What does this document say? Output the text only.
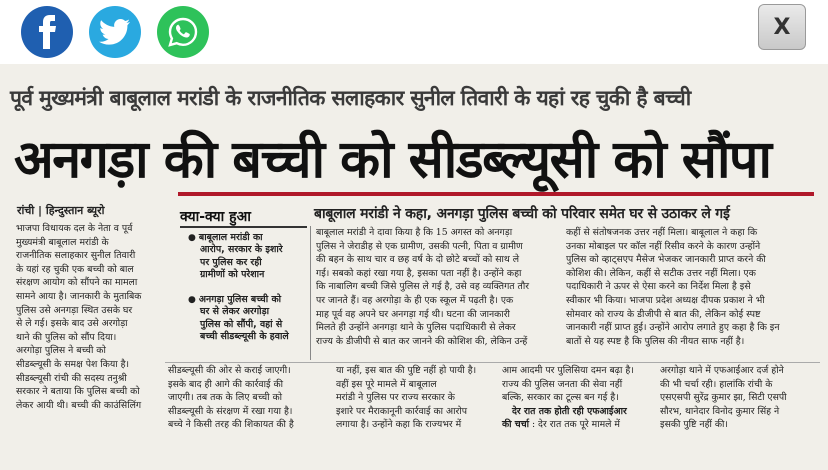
X
पूर्व मुख्यमंत्री बाबूलाल मरांडी के राजनीतिक सलाहकार सुनील तिवारी के यहां रह चुकी है बच्ची
अनगड़ा की बच्ची को सीडब्ल्यूसी को सौंपा
रांची | हिन्दुस्तान ब्यूरो	क्या-क्या हुआ
● बाबूलाल मरांडी का
आरोप, सरकार के इशारे
पर पुलिस कर रही
ग्रामीणों को परेशान
● अनगड़ा पुलिस बच्ची को
घर से लेकर अरगोड़ा
पुलिस को सौंपी, वहां से
बच्ची सीडब्ल्यूसी के हवाले
बाबूलाल मरांडी ने कहा, अनगड़ा पुलिस बच्ची को परिवार समेत घर से उठाकर ले गई
भाजपा विधायक दल के नेता व पूर्व
मुख्यमंत्री बाबूलाल मरांडी के
राजनीतिक सलाहकार सुनील तिवारी
के यहां रह चुकी एक बच्ची को बाल
संरक्षण आयोग को सौंपने का मामला
सामने आया है। जानकारी के मुताबिक
पुलिस उसे अनगड़ा स्थित उसके घर
से ले गई। इसके बाद उसे अरगोड़ा
थाने की पुलिस को सौंप दिया।
अरगोड़ा पुलिस ने बच्ची को
सीडब्ल्यूसी के समक्ष पेश किया है।
सीडब्ल्यूसी रांची की सदस्य तनुश्री
सरकार ने बताया कि पुलिस बच्ची को
लेकर आयी थी। बच्ची की काउंसिलिंग
बाबूलाल मरांडी ने दावा किया है कि 15 अगस्त को अनगड़ा
पुलिस ने जेराडीह से एक ग्रामीण, उसकी पत्नी, पिता व ग्रामीण
की बहन के साथ चार व छह वर्ष के दो छोटे बच्चों को साथ ले
गई। सबको कहां रखा गया है, इसका पता नहीं है। उन्होंने कहा
कि नाबालिग बच्ची जिसे पुलिस ले गई है, उसे वह व्यक्तिगत तौर
पर जानते हैं। वह अरगोड़ा के ही एक स्कूल में पढ़ती है। एक
माह पूर्व वह अपने घर अनगड़ा गई थी। घटना की जानकारी
मिलते ही उन्होंने अनगड़ा थाने के पुलिस पदाधिकारी से लेकर
राज्य के डीजीपी से बात कर जानने की कोशिश की, लेकिन उन्हें
कहीं से संतोषजनक उत्तर नहीं मिला। बाबूलाल ने कहा कि
उनका मोबाइल पर कॉल नहीं रिसीव करने के कारण उन्होंने
पुलिस को व्हाट्सएप मैसेज भेजकर जानकारी प्राप्त करने की
कोशिश की। लेकिन, कहीं से सटीक उत्तर नहीं मिला। एक
पदाधिकारी ने ऊपर से ऐसा करने का निर्देश मिला है इसे
स्वीकार भी किया। भाजपा प्रदेश अध्यक्ष दीपक प्रकाश ने भी
सोमवार को राज्य के डीजीपी से बात की, लेकिन कोई स्पष्ट
जानकारी नहीं प्राप्त हुई। उन्होंने आरोप लगाते हुए कहा है कि इन
बातों से यह स्पष्ट है कि पुलिस की नीयत साफ नहीं है।
सीडब्ल्यूसी की ओर से कराई जाएगी।
इसके बाद ही आगे की कार्रवाई की
जाएगी। तब तक के लिए बच्ची को
सीडब्ल्यूसी के संरक्षण में रखा गया है।
बच्चे ने किसी तरह की शिकायत की है
या नहीं, इस बात की पुष्टि नहीं हो पायी है।
वहीं इस पूरे मामले में बाबूलाल
मरांडी ने पुलिस पर राज्य सरकार के
इशारे पर मैराकानूनी कार्रवाई का आरोप
लगाया है। उन्होंने कहा कि राज्यभर में
आम आदमी पर पुलिसिया दमन बढ़ा है।
राज्य की पुलिस जनता की सेवा नहीं
बल्कि, सरकार का टूल्स बन गई है।
देर रात तक होती रही एफआईआर
की चर्चा : देर रात तक पूरे मामले में
अरगोड़ा थाने में एफआईआर दर्ज होने
की भी चर्चा रही। हालांकि रांची के
एसएसपी सुरेंद्र कुमार झा, सिटी एसपी
सौरभ, थानेदार विनोद कुमार सिंह ने
इसकी पुष्टि नहीं की।
